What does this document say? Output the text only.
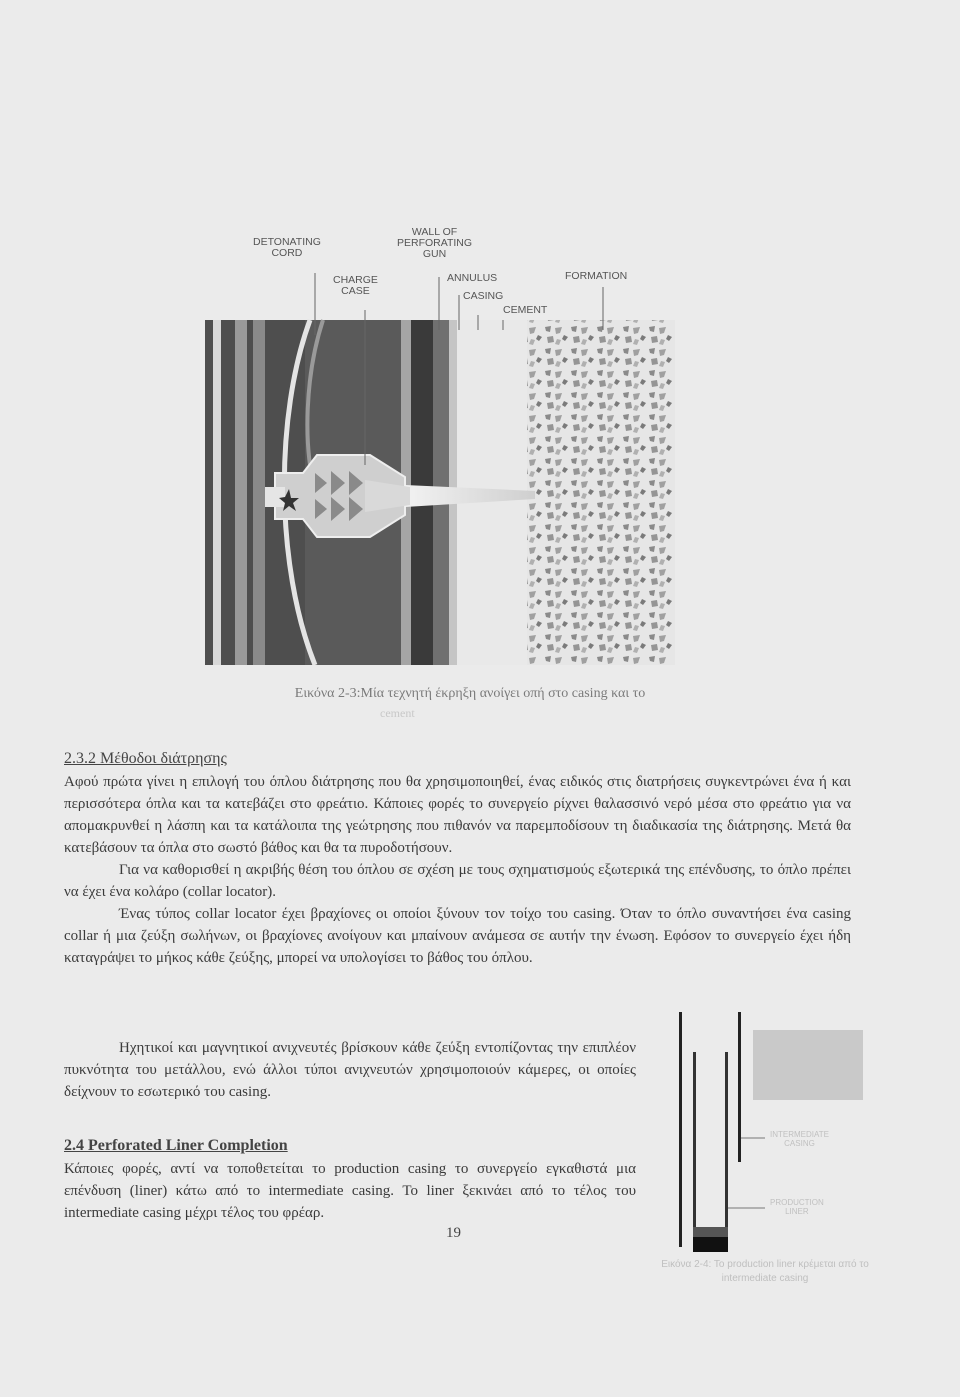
DETONATING
CORD
WALL OF
PERFORATING
GUN
CHARGE
CASE
ANNULUS
CASING
CEMENT
FORMATION
Εικόνα 2-3:Μία τεχνητή έκρηξη ανοίγει οπή στο casing και το
cement
2.3.2 Μέθοδοι διάτρησης

Αφού πρώτα γίνει η επιλογή του όπλου διάτρησης που θα χρησιμοποιηθεί, ένας ειδικός στις διατρήσεις συγκεντρώνει ένα ή και περισσότερα όπλα και τα κατεβάζει στο φρεάτιο. Κάποιες φορές το συνεργείο ρίχνει θαλασσινό νερό μέσα στο φρεάτιο για να απομακρυνθεί η λάσπη και τα κατάλοιπα της γεώτρησης που πιθανόν να παρεμποδίσουν τη διαδικασία της διάτρησης. Μετά θα κατεβάσουν τα όπλα στο σωστό βάθος και θα τα πυροδοτήσουν.

Για να καθορισθεί η ακριβής θέση του όπλου σε σχέση με τους σχηματισμούς εξωτερικά της επένδυσης, το όπλο πρέπει να έχει ένα κολάρο (collar locator).

Ένας τύπος collar locator έχει βραχίονες οι οποίοι ξύνουν τον τοίχο του casing. Όταν το όπλο συναντήσει ένα casing collar ή μια ζεύξη σωλήνων, οι βραχίονες ανοίγουν και μπαίνουν ανάμεσα σε αυτήν την ένωση. Εφόσον το συνεργείο έχει ήδη καταγράψει το μήκος κάθε ζεύξης, μπορεί να υπολογίσει το βάθος του όπλου.

Ηχητικοί και μαγνητικοί ανιχνευτές βρίσκουν κάθε ζεύξη εντοπίζοντας την επιπλέον πυκνότητα του μετάλλου, ενώ άλλοι τύποι ανιχνευτών χρησιμοποιούν κάμερες, οι οποίες δείχνουν το εσωτερικό του casing.
2.4 Perforated Liner Completion
Κάποιες φορές, αντί να τοποθετείται το production casing το συνεργείο εγκαθιστά μια επένδυση (liner) κάτω από το intermediate casing. Το liner ξεκινάει από το τέλος του intermediate casing μέχρι τέλος του φρέαρ.
19
INTERMEDIATE
CASING
PRODUCTION
LINER
Εικόνα 2-4: Το production liner κρέμεται από το intermediate casing
